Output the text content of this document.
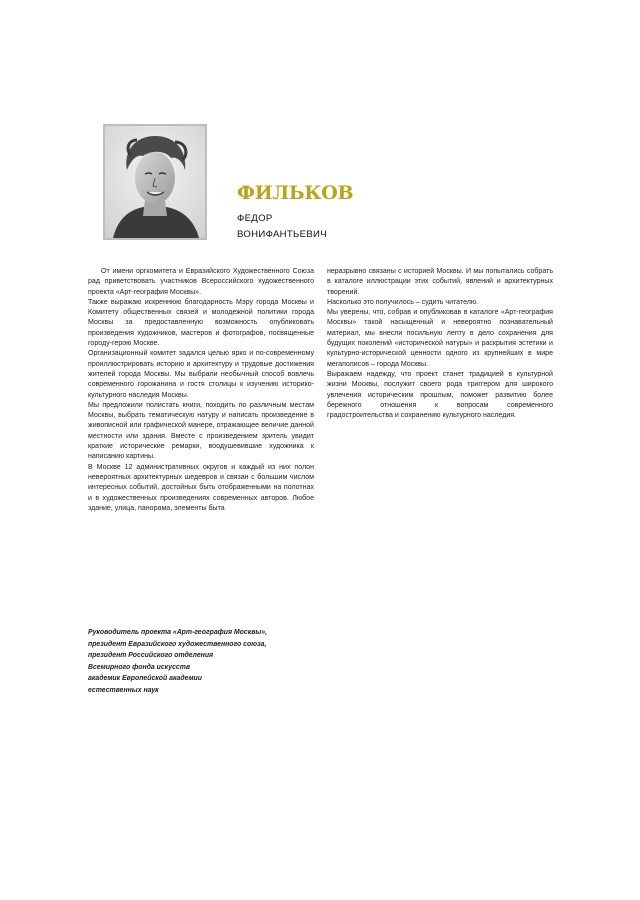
ФИЛЬКОВ
ФЕДОР
ВОНИФАНТЬЕВИЧ

От имени оргкомитета и Евразийского Художественного Союза рад приветствовать участников Всероссийского художественного проекта «Арт-география Москвы».

Также выражаю искреннюю благодарность Мэру города Москвы и Комитету общественных связей и молодежной политики города Москвы за предоставленную возможность опубликовать произведения художников, мастеров и фотографов, посвященные городу-герою Москве.

Организационный комитет задался целью ярко и по-современному проиллюстрировать историю и архитектуру и трудовые достижения жителей города Москвы. Мы выбрали необычный способ вовлечь современного горожанина и гостя столицы к изучению историко-культурного наследия Москвы.

Мы предложили полистать книги, походить по различным местам Москвы, выбрать тематическую натуру и написать произведение в живописной или графической манере, отражающее величие данной местности или здания. Вместе с произведением зритель увидит краткие исторические ремарки, воодушевившие художника к написанию картины.

В Москве 12 административных округов и каждый из них полон невероятных архитектурных шедевров и связан с большим числом интересных событий, достойных быть отображенными на полотнах и в художественных произведениях современных авторов. Любое здание, улица, панорама, элементы быта

неразрывно связаны с историей Москвы. И мы попытались собрать в каталоге иллюстрации этих событий, явлений и архитектурных творений.

Насколько это получилось – судить читателю.

Мы уверены, что, собрав и опубликовав в каталоге «Арт-география Москвы» такой насыщенный и невероятно познавательный материал, мы внесли посильную лепту в дело сохранения для будущих поколений «исторической натуры» и раскрытия эстетики и культурно-исторической ценности одного из крупнейших в мире мегаполисов – города Москвы.

Выражаем надежду, что проект станет традицией в культурной жизни Москвы, послужит своего рода триггером для широкого увлечения историческим прошлым, поможет развитию более бережного отношения к вопросам современного градостроительства и сохранению культурного наследия.

Руководитель проекта «Арт-география Москвы»,
президент Евразийского художественного союза,
президент Российского отделения
Всемирного фонда искусств
академик Европейской академии
естественных наук
